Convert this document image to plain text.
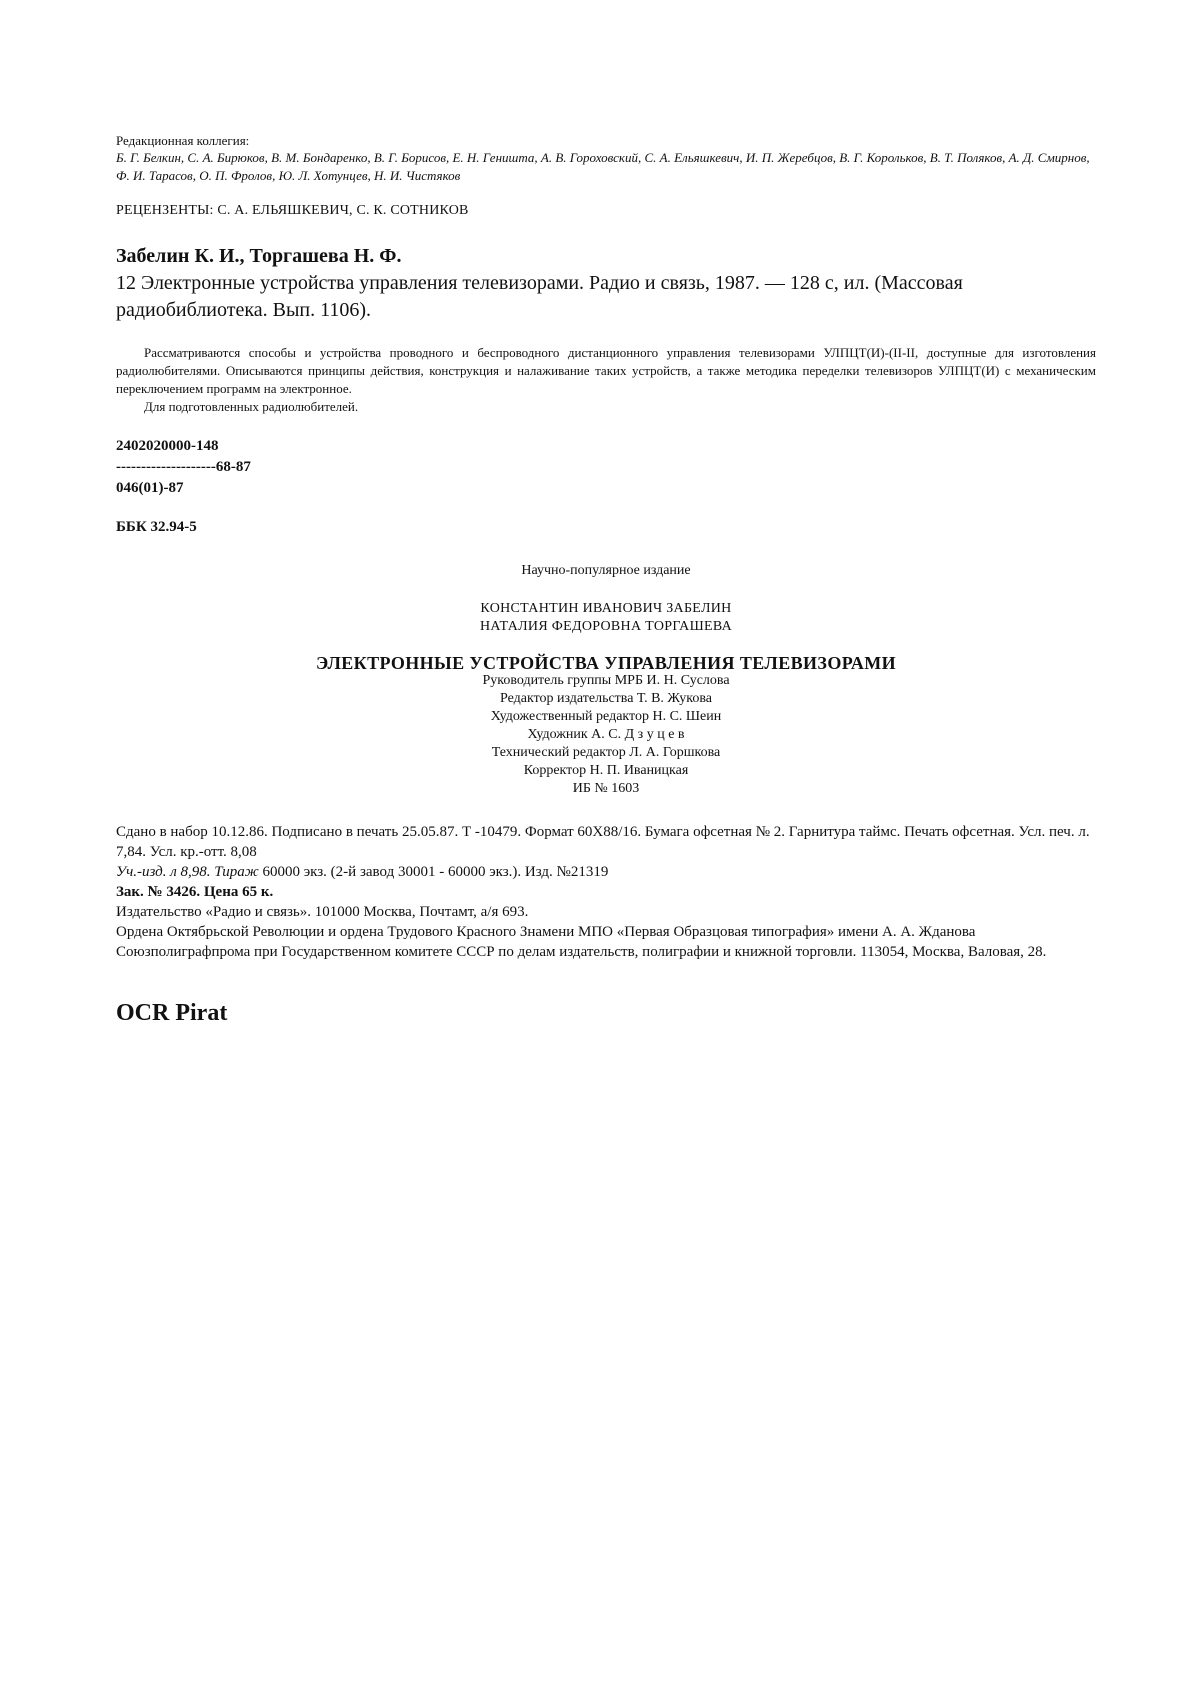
Редакционная коллегия:
Б. Г. Белкин, С. А. Бирюков, В. М. Бондаренко, В. Г. Борисов, Е. Н. Геништа, А. В. Гороховский, С. А. Ельяшкевич, И. П. Жеребцов, В. Г. Корольков, В. Т. Поляков, А. Д. Смирнов, Ф. И. Тарасов, О. П. Фролов, Ю. Л. Хотунцев, Н. И. Чистяков
РЕЦЕНЗЕНТЫ: С. А. ЕЛЬЯШКЕВИЧ, С. К. СОТНИКОВ
Забелин К. И., Торгашева Н. Ф.
12 Электронные устройства управления телевизорами. Радио и связь, 1987. — 128 с, ил. (Массовая радиобиблиотека. Вып. 1106).
Рассматриваются способы и устройства проводного и беспроводного дистанционного управления телевизорами УЛПЦТ(И)-(II-II, доступные для изготовления радиолюбителями. Описываются принципы действия, конструкция и налаживание таких устройств, а также методика переделки телевизоров УЛПЦТ(И) с механическим переключением программ на электронное.
Для подготовленных радиолюбителей.
2402020000-148
--------------------68-87
046(01)-87
ББК 32.94-5
Научно-популярное издание
КОНСТАНТИН ИВАНОВИЧ ЗАБЕЛИН
НАТАЛИЯ ФЕДОРОВНА ТОРГАШЕВА
ЭЛЕКТРОННЫЕ УСТРОЙСТВА УПРАВЛЕНИЯ ТЕЛЕВИЗОРАМИ
Руководитель группы МРБ И. Н. Суслова
Редактор издательства Т. В. Жукова
Художественный редактор Н. С. Шеин
Художник А. С. Д з у ц е в
Технический редактор Л. А. Горшкова
Корректор Н. П. Иваницкая
ИБ № 1603
Сдано в набор 10.12.86. Подписано в печать 25.05.87. Т -10479. Формат 60Х88/16. Бумага офсетная № 2. Гарнитура таймс. Печать офсетная. Усл. печ. л. 7,84. Усл. кр.-отт. 8,08
Уч.-изд. л 8,98. Тираж 60000 экз. (2-й завод 30001 - 60000 экз.). Изд. №21319
Зак. № 3426. Цена 65 к.
Издательство «Радио и связь». 101000 Москва, Почтамт, а/я 693.
Ордена Октябрьской Революции и ордена Трудового Красного Знамени МПО «Первая Образцовая типография» имени А. А. Жданова Союзполиграфпрома при Государственном комитете СССР по делам издательств, полиграфии и книжной торговли. 113054, Москва, Валовая, 28.
OCR Pirat
